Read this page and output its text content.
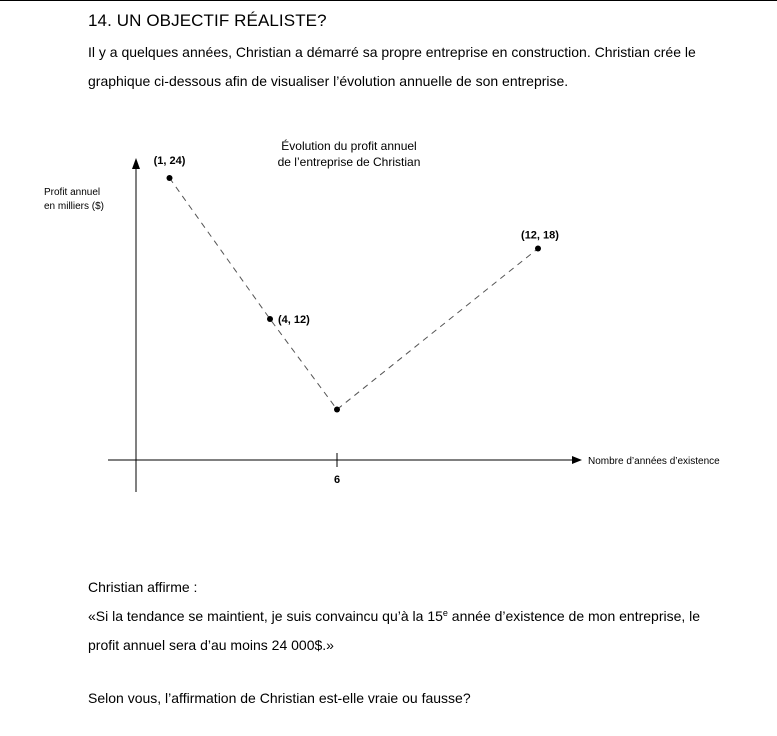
14. UN OBJECTIF RÉALISTE?
Il y a quelques années, Christian a démarré sa propre entreprise en construction. Christian crée le
graphique ci-dessous afin de visualiser l’évolution annuelle de son entreprise.
Évolution du profit annuel
de l’entreprise de Christian
Profit annuel
en milliers ($)
Nombre d’années d’existence
6
(1, 24)
(4, 12)
(12, 18)
Christian affirme :
«Si la tendance se maintient, je suis convaincu qu’à la 15e année d’existence de mon entreprise, le
profit annuel sera d’au moins 24 000$.»
Selon vous, l’affirmation de Christian est-elle vraie ou fausse?
